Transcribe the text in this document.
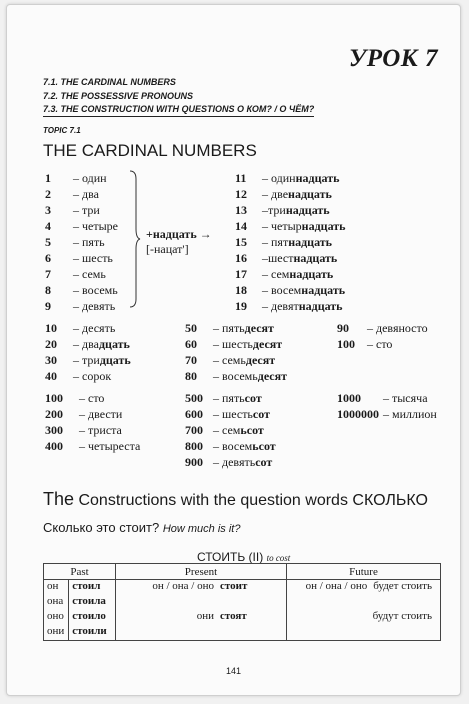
УРОК 7
7.1. THE CARDINAL NUMBERS
7.2. THE POSSESSIVE PRONOUNS
7.3. THE CONSTRUCTION WITH QUESTIONS О КОМ? / О ЧЁМ?
TOPIC 7.1
THE CARDINAL NUMBERS
1 – один
2 – два
3 – три
4 – четыре
5 – пять
6 – шесть
7 – семь
8 – восемь
9 – девять
11 – одиннадцать
12 – двенадцать
13 –тринадцать
14 – четырнадцать
15 – пятнадцать
16 –шестнадцать
17 – семнадцать
18 – восемнадцать
19 – девятнадцать
10 – десять
20 – двадцать
30 – тридцать
40 – сорок
50 – пятьдесят
60 – шестьдесят
70 – семьдесят
80 – восемьдесят
90 – девяносто
100 – сто
100 – сто
200 – двести
300 – триста
400 – четыреста
500 – пятьсот
600 – шестьсот
700 – семьсот
800 – восемьсот
900 – девятьсот
1000 – тысяча
1000000 – миллион
+надцать →
[-нацат']
The Constructions with the question words СКОЛЬКО
Сколько это стоит? How much is it?
СТОИТЬ (II) to cost
Past		Present	Future
он	стоил	он / она / оно стоит	он / она / оно будет стоить
она	стоила		
оно	стоило	они стоят	будут стоить
они	стоили		
141
